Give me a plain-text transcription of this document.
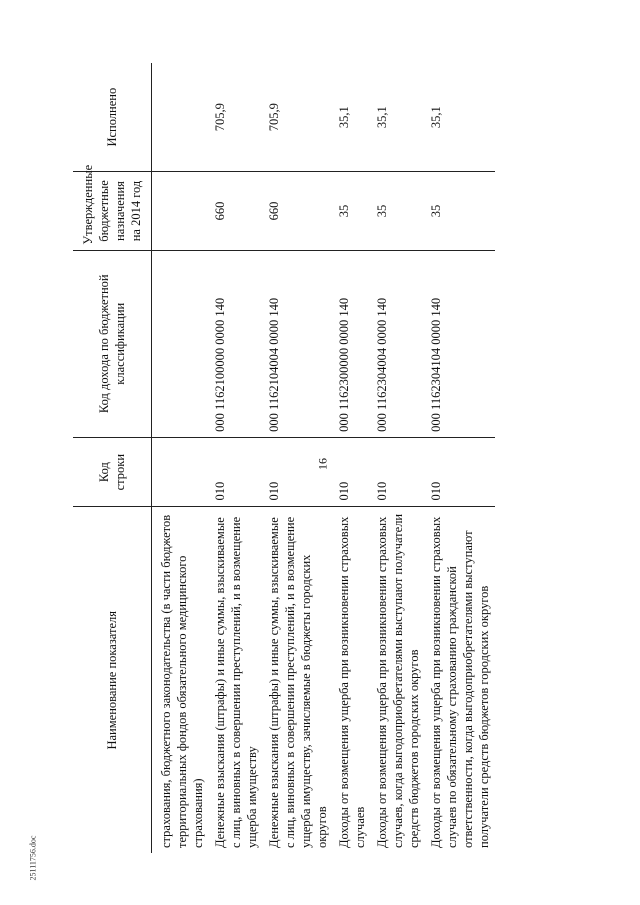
16
25111756.doc
Наименование показателя	Код строки	Код дохода по бюджетной классификации	Утвержденные бюджетные назначения на 2014 год	Исполнено
страхования, бюджетного законодательства (в части бюджетов территориальных фондов обязательного медицинского страхования)				
Денежные взыскания (штрафы) и иные суммы, взыскиваемые с лиц, виновных в совершении преступлений, и в возмещение ущерба имуществу	010	000 1162100000 0000 140	660	705,9
Денежные взыскания (штрафы) и иные суммы, взыскиваемые с лиц, виновных в совершении преступлений, и в возмещение ущерба имуществу, зачисляемые в бюджеты городских округов	010	000 1162104004 0000 140	660	705,9
Доходы от возмещения ущерба при возникновении страховых случаев	010	000 1162300000 0000 140	35	35,1
Доходы от возмещения ущерба при возникновении страховых случаев, когда выгодоприобретателями выступают получатели средств бюджетов городских округов	010	000 1162304004 0000 140	35	35,1
Доходы от возмещения ущерба при возникновении страховых случаев по обязательному страхованию гражданской ответственности, когда выгодоприобретателями выступают получатели средств бюджетов городских округов	010	000 1162304104 0000 140	35	35,1
